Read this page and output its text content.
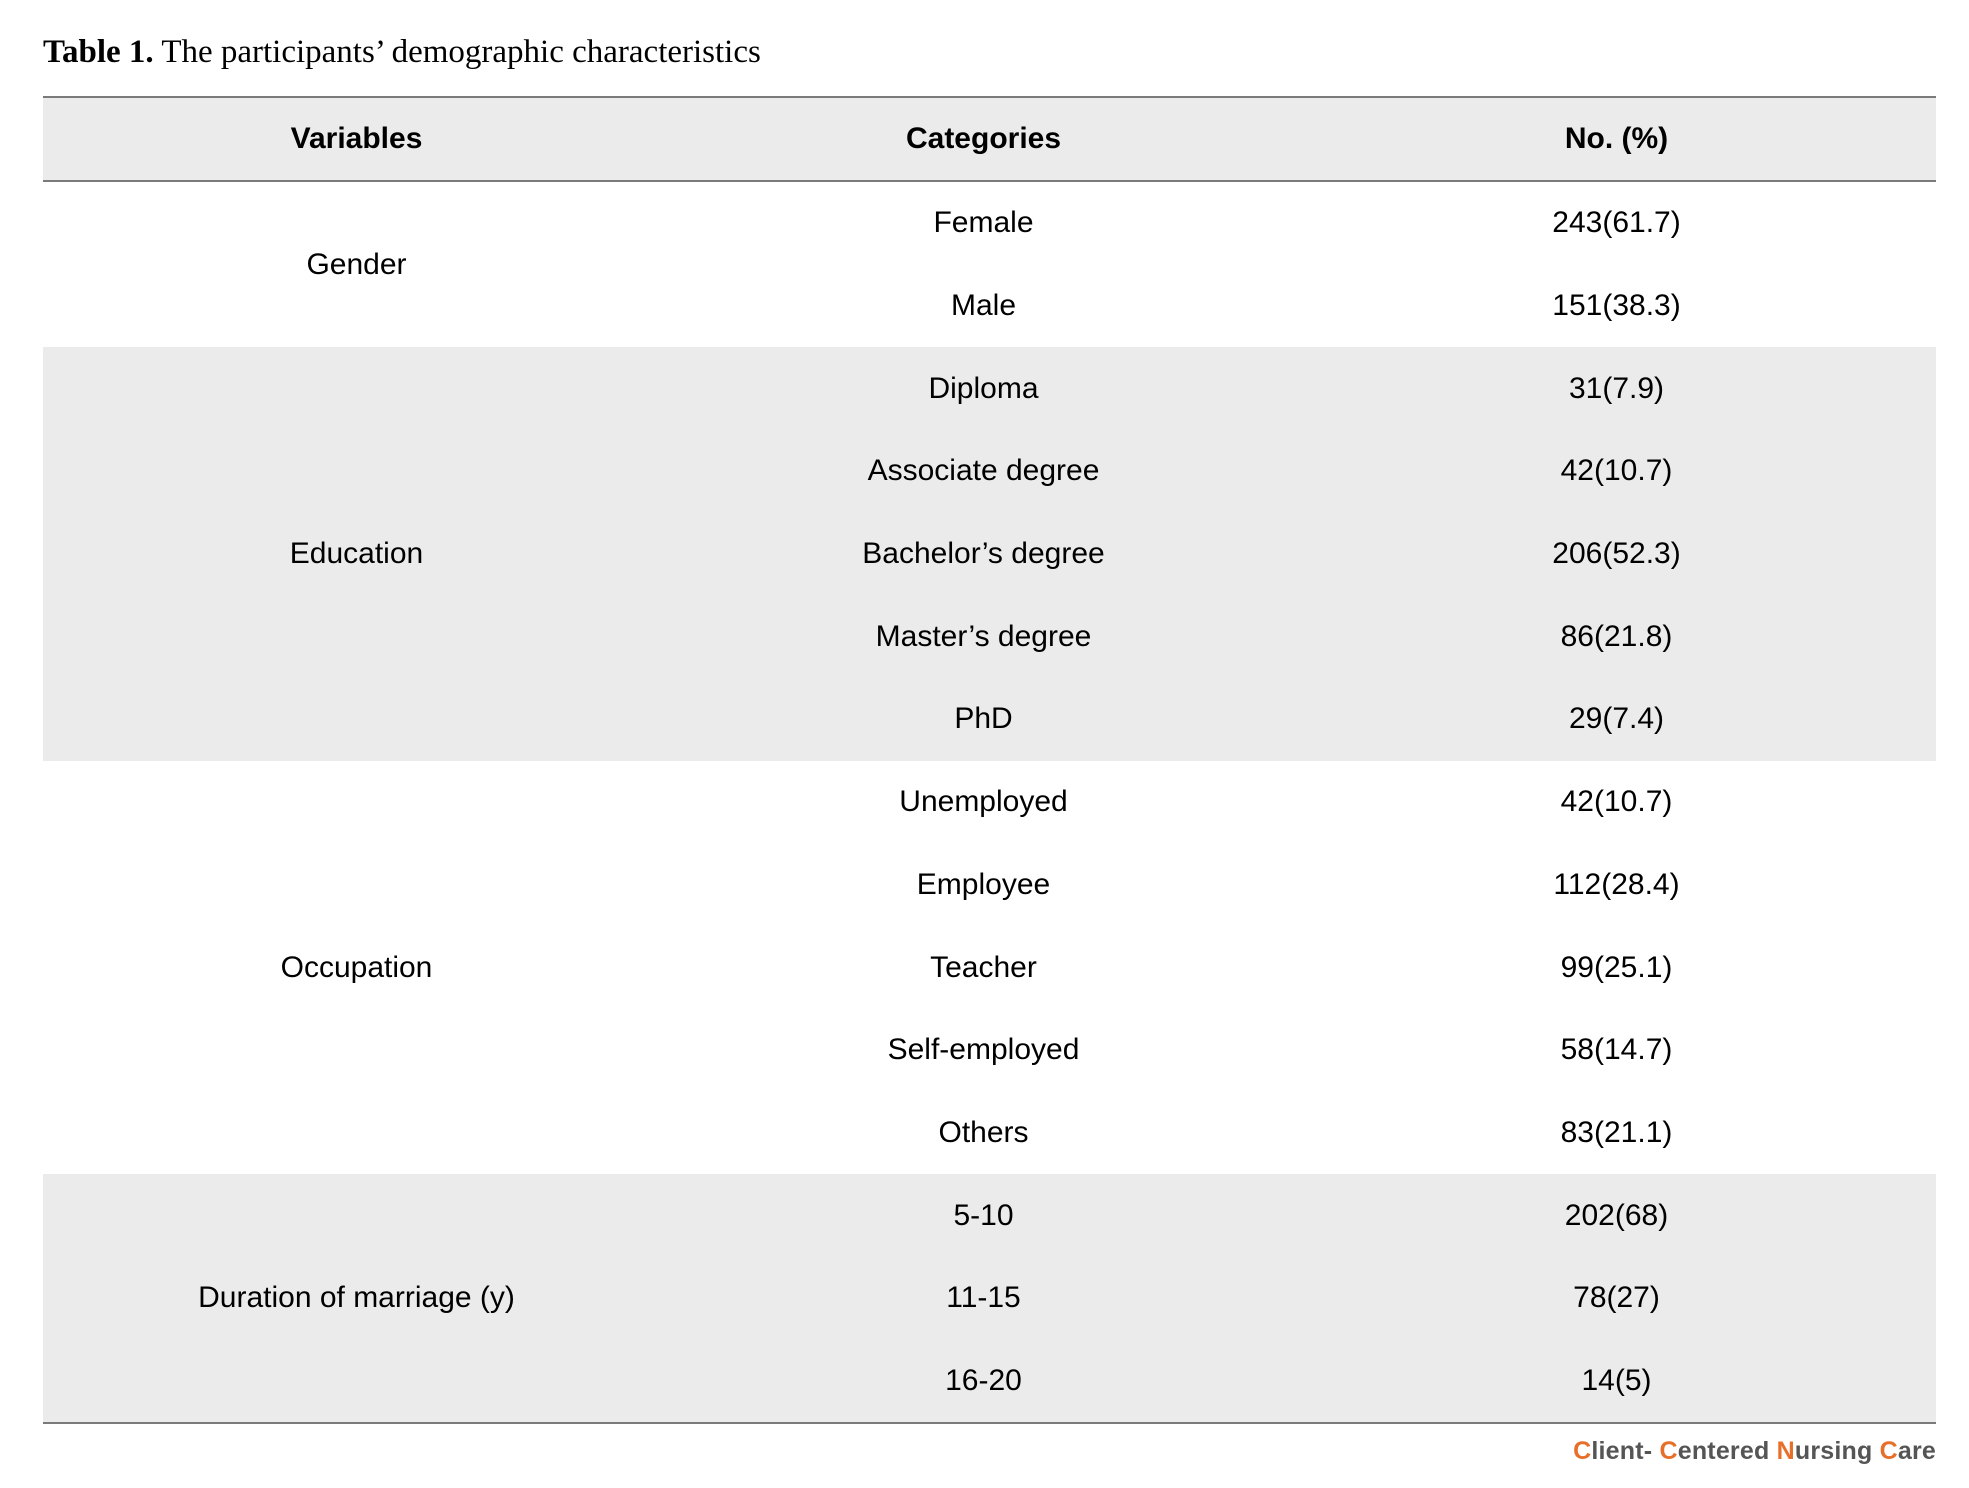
Table 1. The participants’ demographic characteristics
Variables	Categories	No. (%)
Gender	Female	243(61.7)
	Male	151(38.3)
Education	Diploma	31(7.9)
	Associate degree	42(10.7)
	Bachelor’s degree	206(52.3)
	Master’s degree	86(21.8)
	PhD	29(7.4)
Occupation	Unemployed	42(10.7)
	Employee	112(28.4)
	Teacher	99(25.1)
	Self-employed	58(14.7)
	Others	83(21.1)
Duration of marriage (y)	5-10	202(68)
	11-15	78(27)
	16-20	14(5)
Client- Centered Nursing Care
